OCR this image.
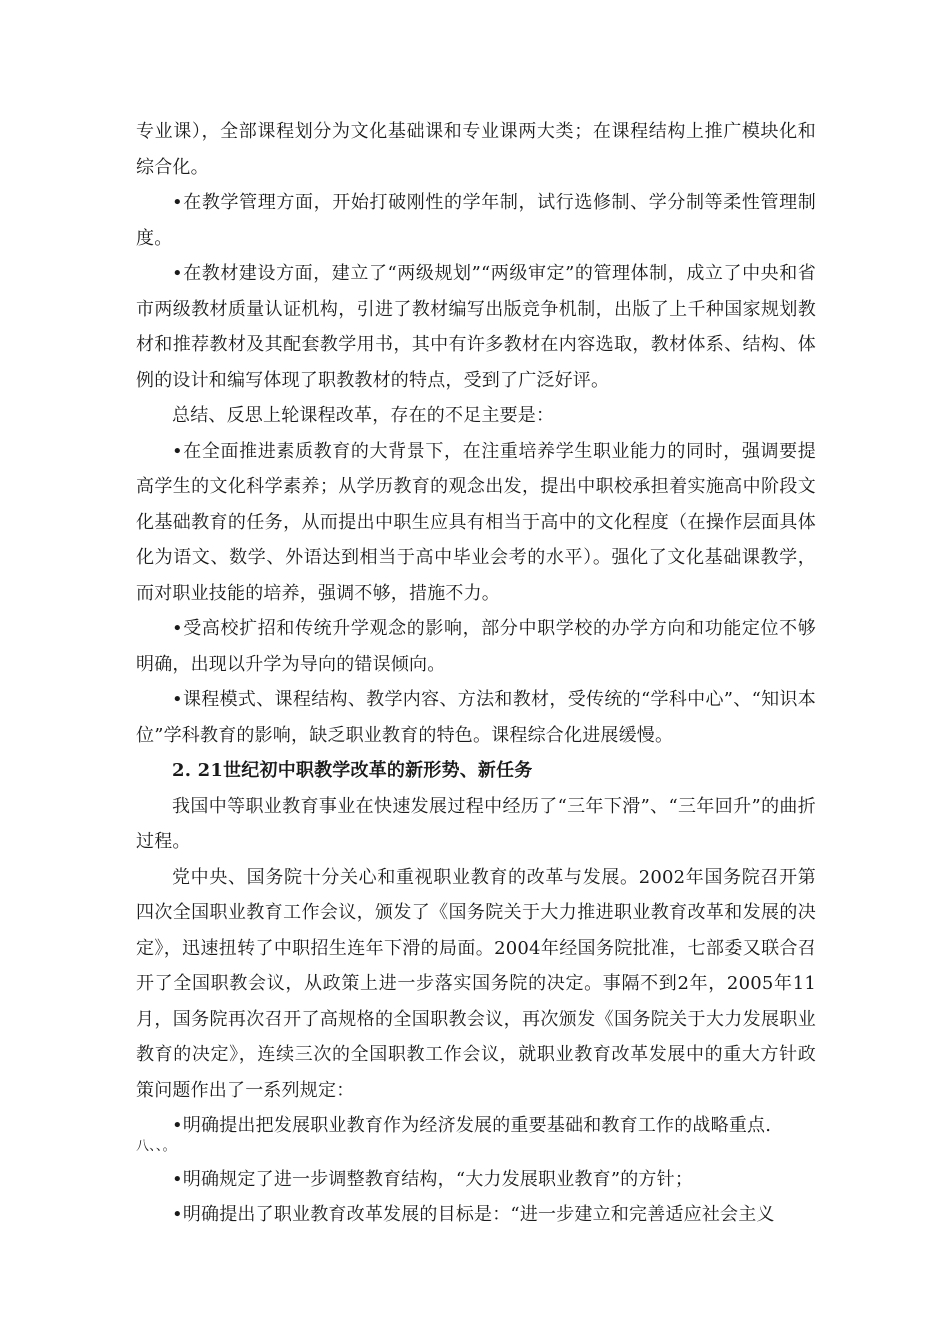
专业课），全部课程划分为文化基础课和专业课两大类；在课程结构上推广模块化和综合化。

•在教学管理方面，开始打破刚性的学年制，试行选修制、学分制等柔性管理制度。

•在教材建设方面，建立了“两级规划”“两级审定”的管理体制，成立了中央和省市两级教材质量认证机构，引进了教材编写出版竞争机制，出版了上千种国家规划教材和推荐教材及其配套教学用书，其中有许多教材在内容选取，教材体系、结构、体例的设计和编写体现了职教教材的特点，受到了广泛好评。

总结、反思上轮课程改革，存在的不足主要是：

•在全面推进素质教育的大背景下，在注重培养学生职业能力的同时，强调要提高学生的文化科学素养；从学历教育的观念出发，提出中职校承担着实施高中阶段文化基础教育的任务，从而提出中职生应具有相当于高中的文化程度（在操作层面具体化为语文、数学、外语达到相当于高中毕业会考的水平）。强化了文化基础课教学，而对职业技能的培养，强调不够，措施不力。

•受高校扩招和传统升学观念的影响，部分中职学校的办学方向和功能定位不够明确，出现以升学为导向的错误倾向。

•课程模式、课程结构、教学内容、方法和教材，受传统的“学科中心”、“知识本位”学科教育的影响，缺乏职业教育的特色。课程综合化进展缓慢。

2. 21世纪初中职教学改革的新形势、新任务

我国中等职业教育事业在快速发展过程中经历了“三年下滑”、“三年回升”的曲折过程。

党中央、国务院十分关心和重视职业教育的改革与发展。2002年国务院召开第四次全国职业教育工作会议，颁发了《国务院关于大力推进职业教育改革和发展的决定》，迅速扭转了中职招生连年下滑的局面。2004年经国务院批准，七部委又联合召开了全国职教会议，从政策上进一步落实国务院的决定。事隔不到2年，2005年11月，国务院再次召开了高规格的全国职教会议，再次颁发《国务院关于大力发展职业教育的决定》，连续三次的全国职教工作会议，就职业教育改革发展中的重大方针政策问题作出了一系列规定：

•明确提出把发展职业教育作为经济发展的重要基础和教育工作的战略重点.

八、、。

•明确规定了进一步调整教育结构，“大力发展职业教育”的方针；

•明确提出了职业教育改革发展的目标是：“进一步建立和完善适应社会主义
